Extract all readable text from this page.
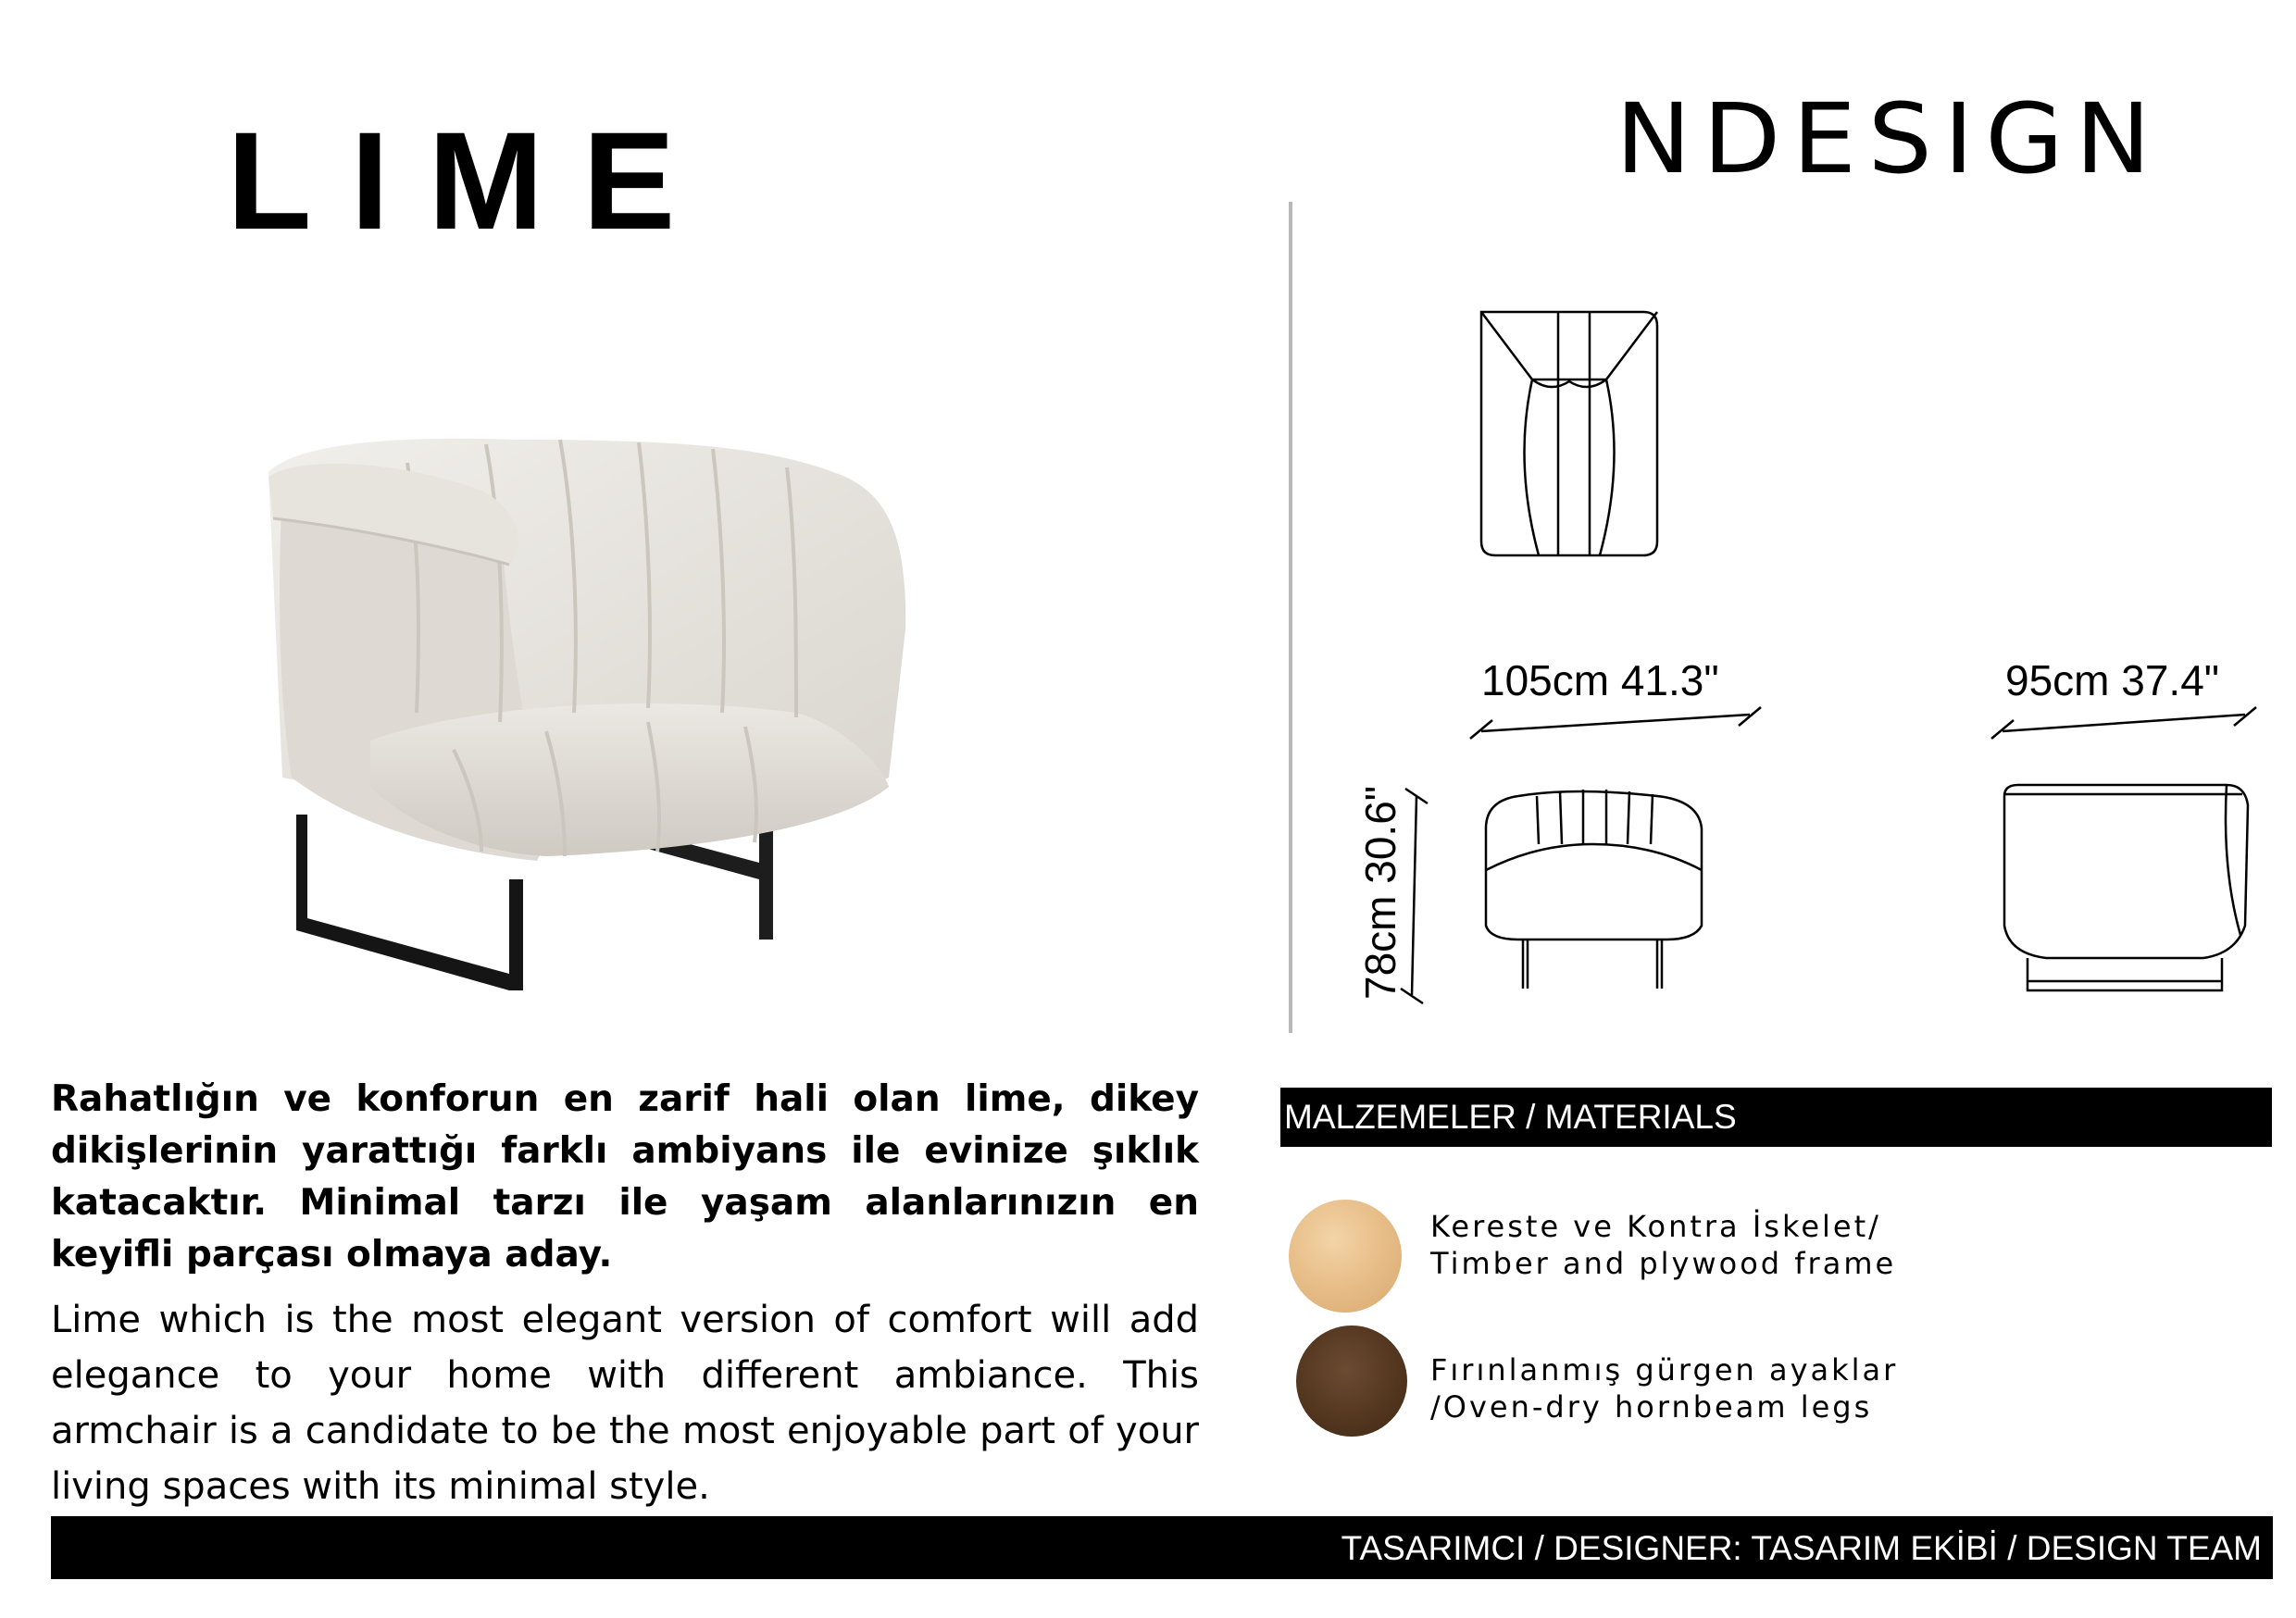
LIME	NDESIGN
105cm 41.3"	95cm 37.4"
78cm 30.6"

Rahatlığın ve konforun en zarif hali olan lime, dikey dikişlerinin yarattığı farklı ambiyans ile evinize şıklık katacaktır. Minimal tarzı ile yaşam alanlarınızın en keyifli parçası olmaya aday.

Lime which is the most elegant version of comfort will add elegance to your home with different ambiance. This armchair is a candidate to be the most enjoyable part of your living spaces with its minimal style.

MALZEMELER / MATERIALS
Kereste ve Kontra İskelet/
Timber and plywood frame
Fırınlanmış gürgen ayaklar
/Oven-dry hornbeam legs
TASARIMCI / DESIGNER: TASARIM EKİBİ / DESIGN TEAM
